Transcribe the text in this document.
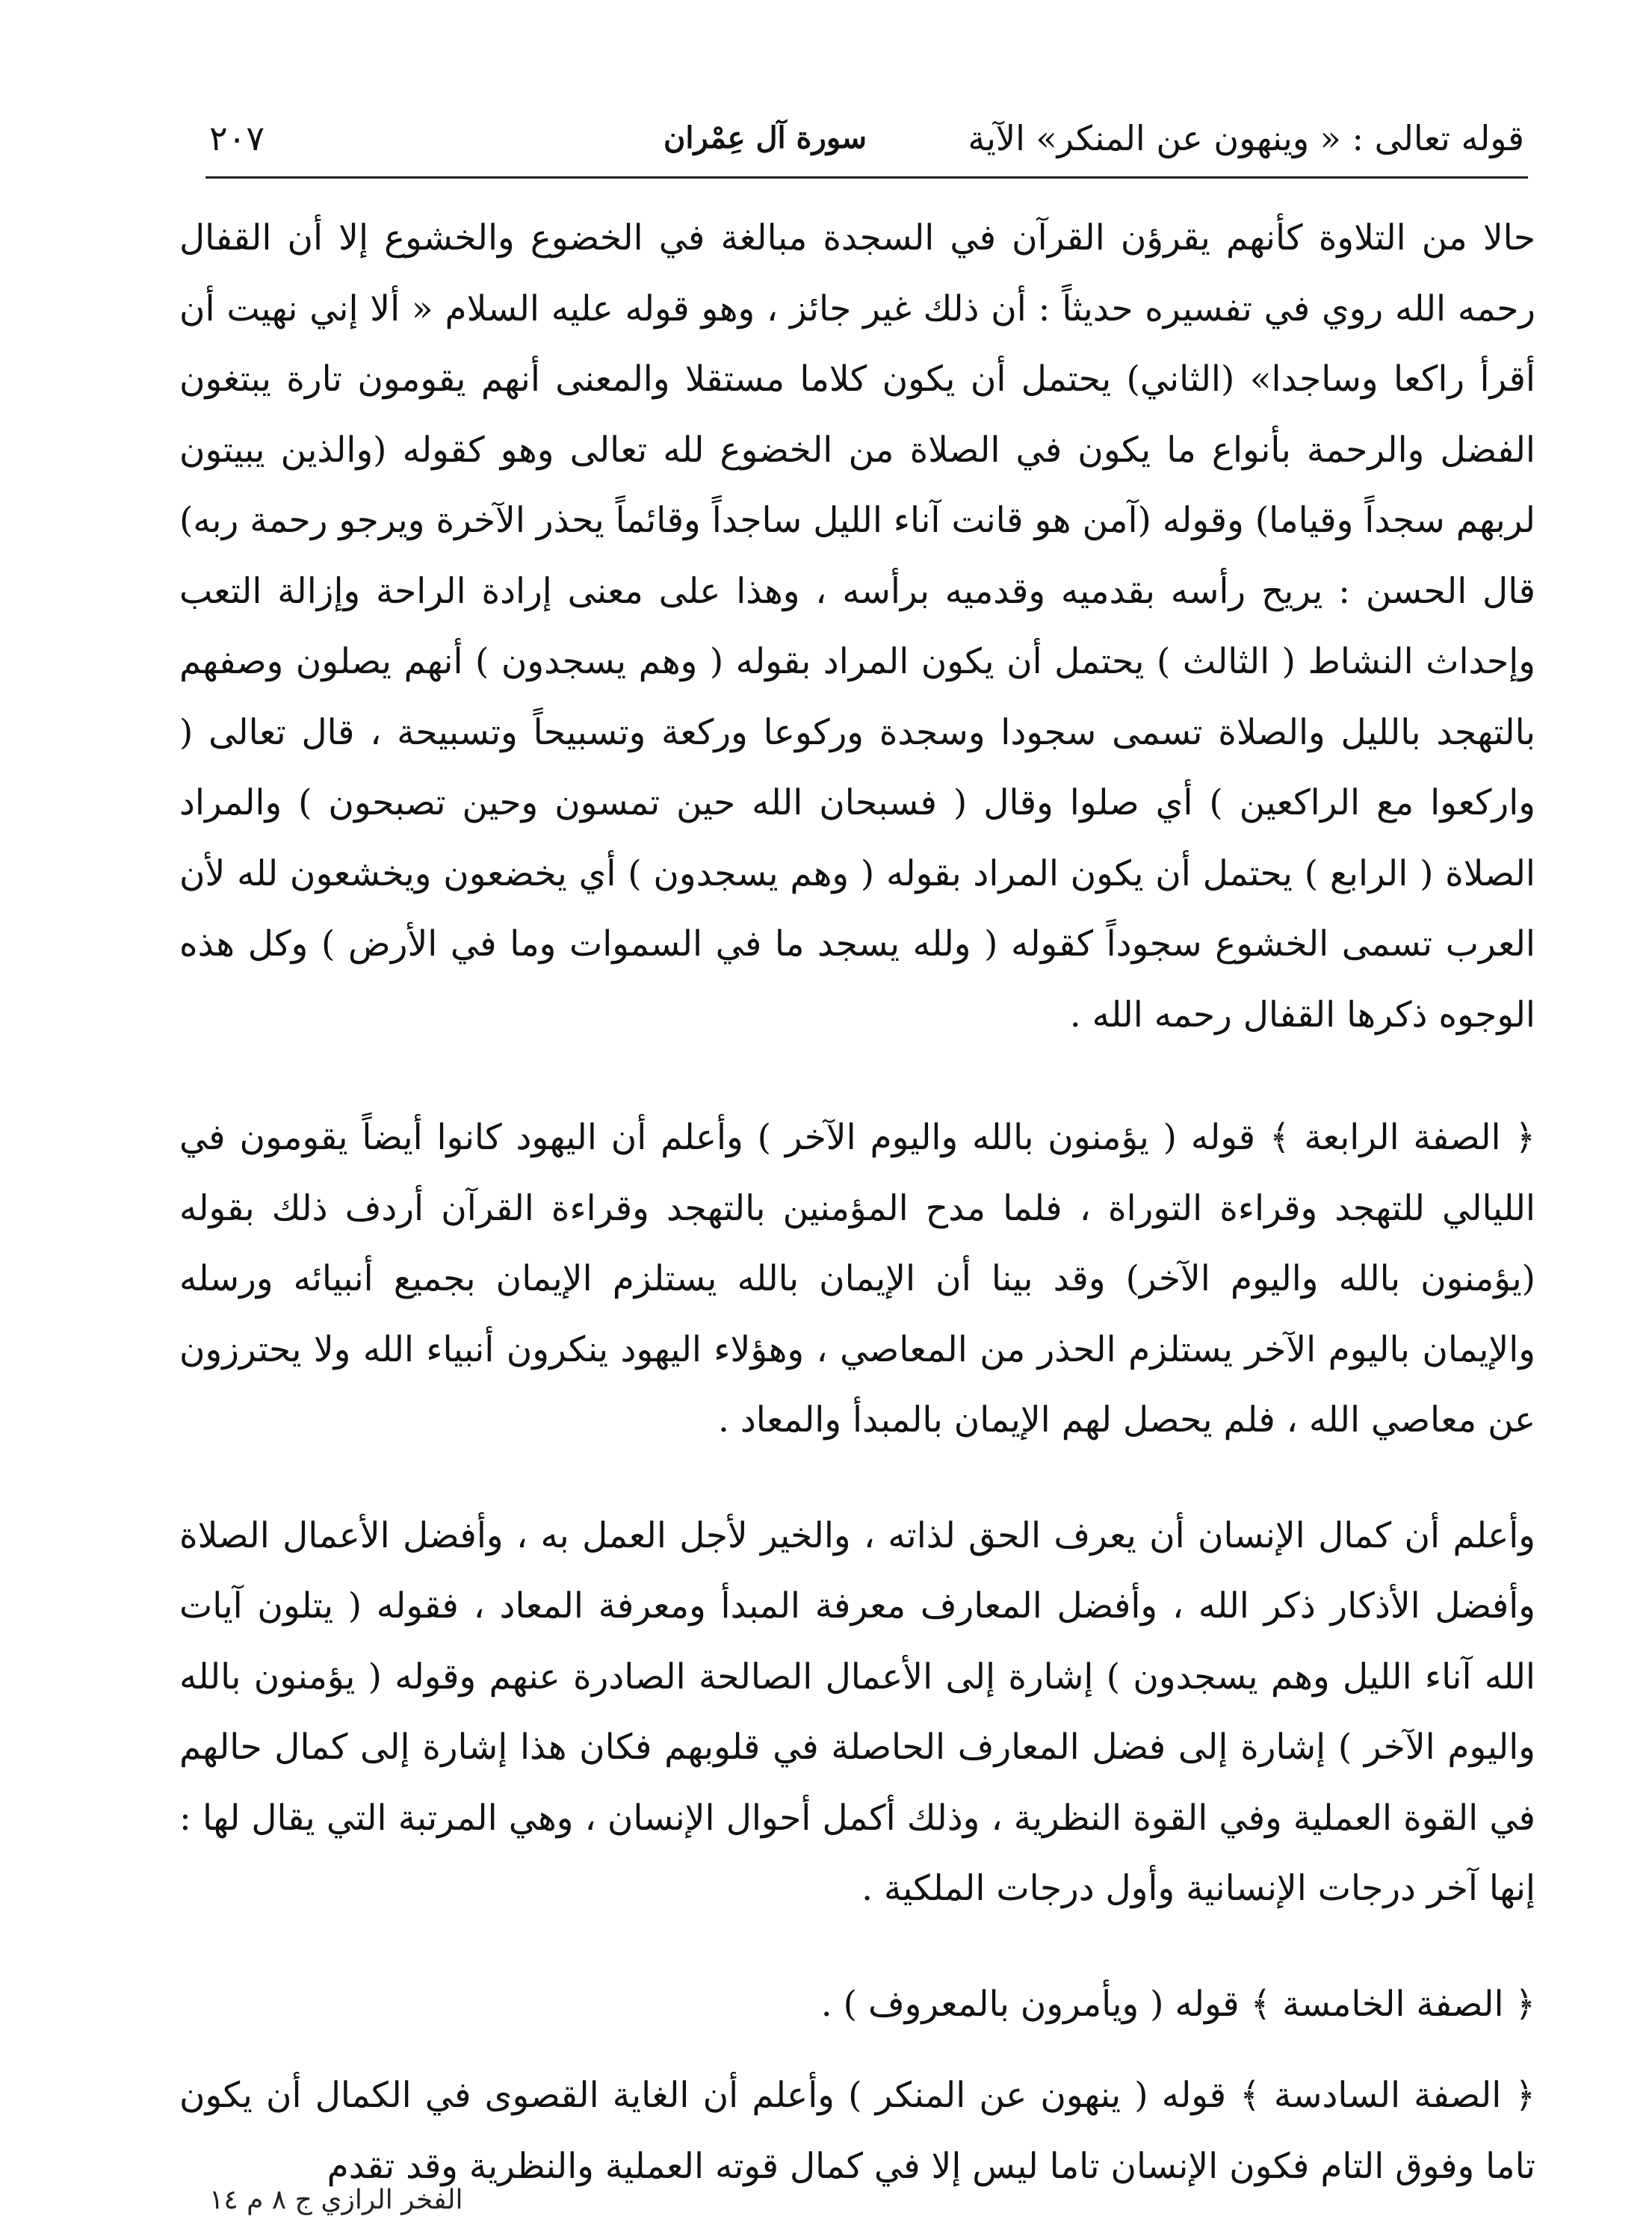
قوله تعالى : « وينهون عن المنكر» الآية
سورة آل عِمْران
٢٠٧

حالا من التلاوة كأنهم يقرؤن القرآن في السجدة مبالغة في الخضوع والخشوع إلا أن القفال رحمه الله روي في تفسيره حديثاً : أن ذلك غير جائز ، وهو قوله عليه السلام « ألا إني نهيت أن أقرأ راكعا وساجدا» (الثاني) يحتمل أن يكون كلاما مستقلا والمعنى أنهم يقومون تارة يبتغون الفضل والرحمة بأنواع ما يكون في الصلاة من الخضوع لله تعالى وهو كقوله (والذين يبيتون لربهم سجداً وقياما) وقوله (آمن هو قانت آناء الليل ساجداً وقائماً يحذر الآخرة ويرجو رحمة ربه) قال الحسن : يريح رأسه بقدميه وقدميه برأسه ، وهذا على معنى إرادة الراحة وإزالة التعب وإحداث النشاط ( الثالث ) يحتمل أن يكون المراد بقوله ( وهم يسجدون ) أنهم يصلون وصفهم بالتهجد بالليل والصلاة تسمى سجودا وسجدة وركوعا وركعة وتسبيحاً وتسبيحة ، قال تعالى ( واركعوا مع الراكعين ) أي صلوا وقال ( فسبحان الله حين تمسون وحين تصبحون ) والمراد الصلاة ( الرابع ) يحتمل أن يكون المراد بقوله ( وهم يسجدون ) أي يخضعون ويخشعون لله لأن العرب تسمى الخشوع سجوداً كقوله ( ولله يسجد ما في السموات وما في الأرض ) وكل هذه الوجوه ذكرها القفال رحمه الله .

﴿ الصفة الرابعة ﴾ قوله ( يؤمنون بالله واليوم الآخر ) وأعلم أن اليهود كانوا أيضاً يقومون في الليالي للتهجد وقراءة التوراة ، فلما مدح المؤمنين بالتهجد وقراءة القرآن أردف ذلك بقوله (يؤمنون بالله واليوم الآخر) وقد بينا أن الإيمان بالله يستلزم الإيمان بجميع أنبيائه ورسله والإيمان باليوم الآخر يستلزم الحذر من المعاصي ، وهؤلاء اليهود ينكرون أنبياء الله ولا يحترزون عن معاصي الله ، فلم يحصل لهم الإيمان بالمبدأ والمعاد .

وأعلم أن كمال الإنسان أن يعرف الحق لذاته ، والخير لأجل العمل به ، وأفضل الأعمال الصلاة وأفضل الأذكار ذكر الله ، وأفضل المعارف معرفة المبدأ ومعرفة المعاد ، فقوله ( يتلون آيات الله آناء الليل وهم يسجدون ) إشارة إلى الأعمال الصالحة الصادرة عنهم وقوله ( يؤمنون بالله واليوم الآخر ) إشارة إلى فضل المعارف الحاصلة في قلوبهم فكان هذا إشارة إلى كمال حالهم في القوة العملية وفي القوة النظرية ، وذلك أكمل أحوال الإنسان ، وهي المرتبة التي يقال لها : إنها آخر درجات الإنسانية وأول درجات الملكية .

﴿ الصفة الخامسة ﴾ قوله ( ويأمرون بالمعروف ) .

﴿ الصفة السادسة ﴾ قوله ( ينهون عن المنكر ) وأعلم أن الغاية القصوى في الكمال أن يكون تاما وفوق التام فكون الإنسان تاما ليس إلا في كمال قوته العملية والنظرية وقد تقدم

الفخر الرازي ج ٨ م ١٤
